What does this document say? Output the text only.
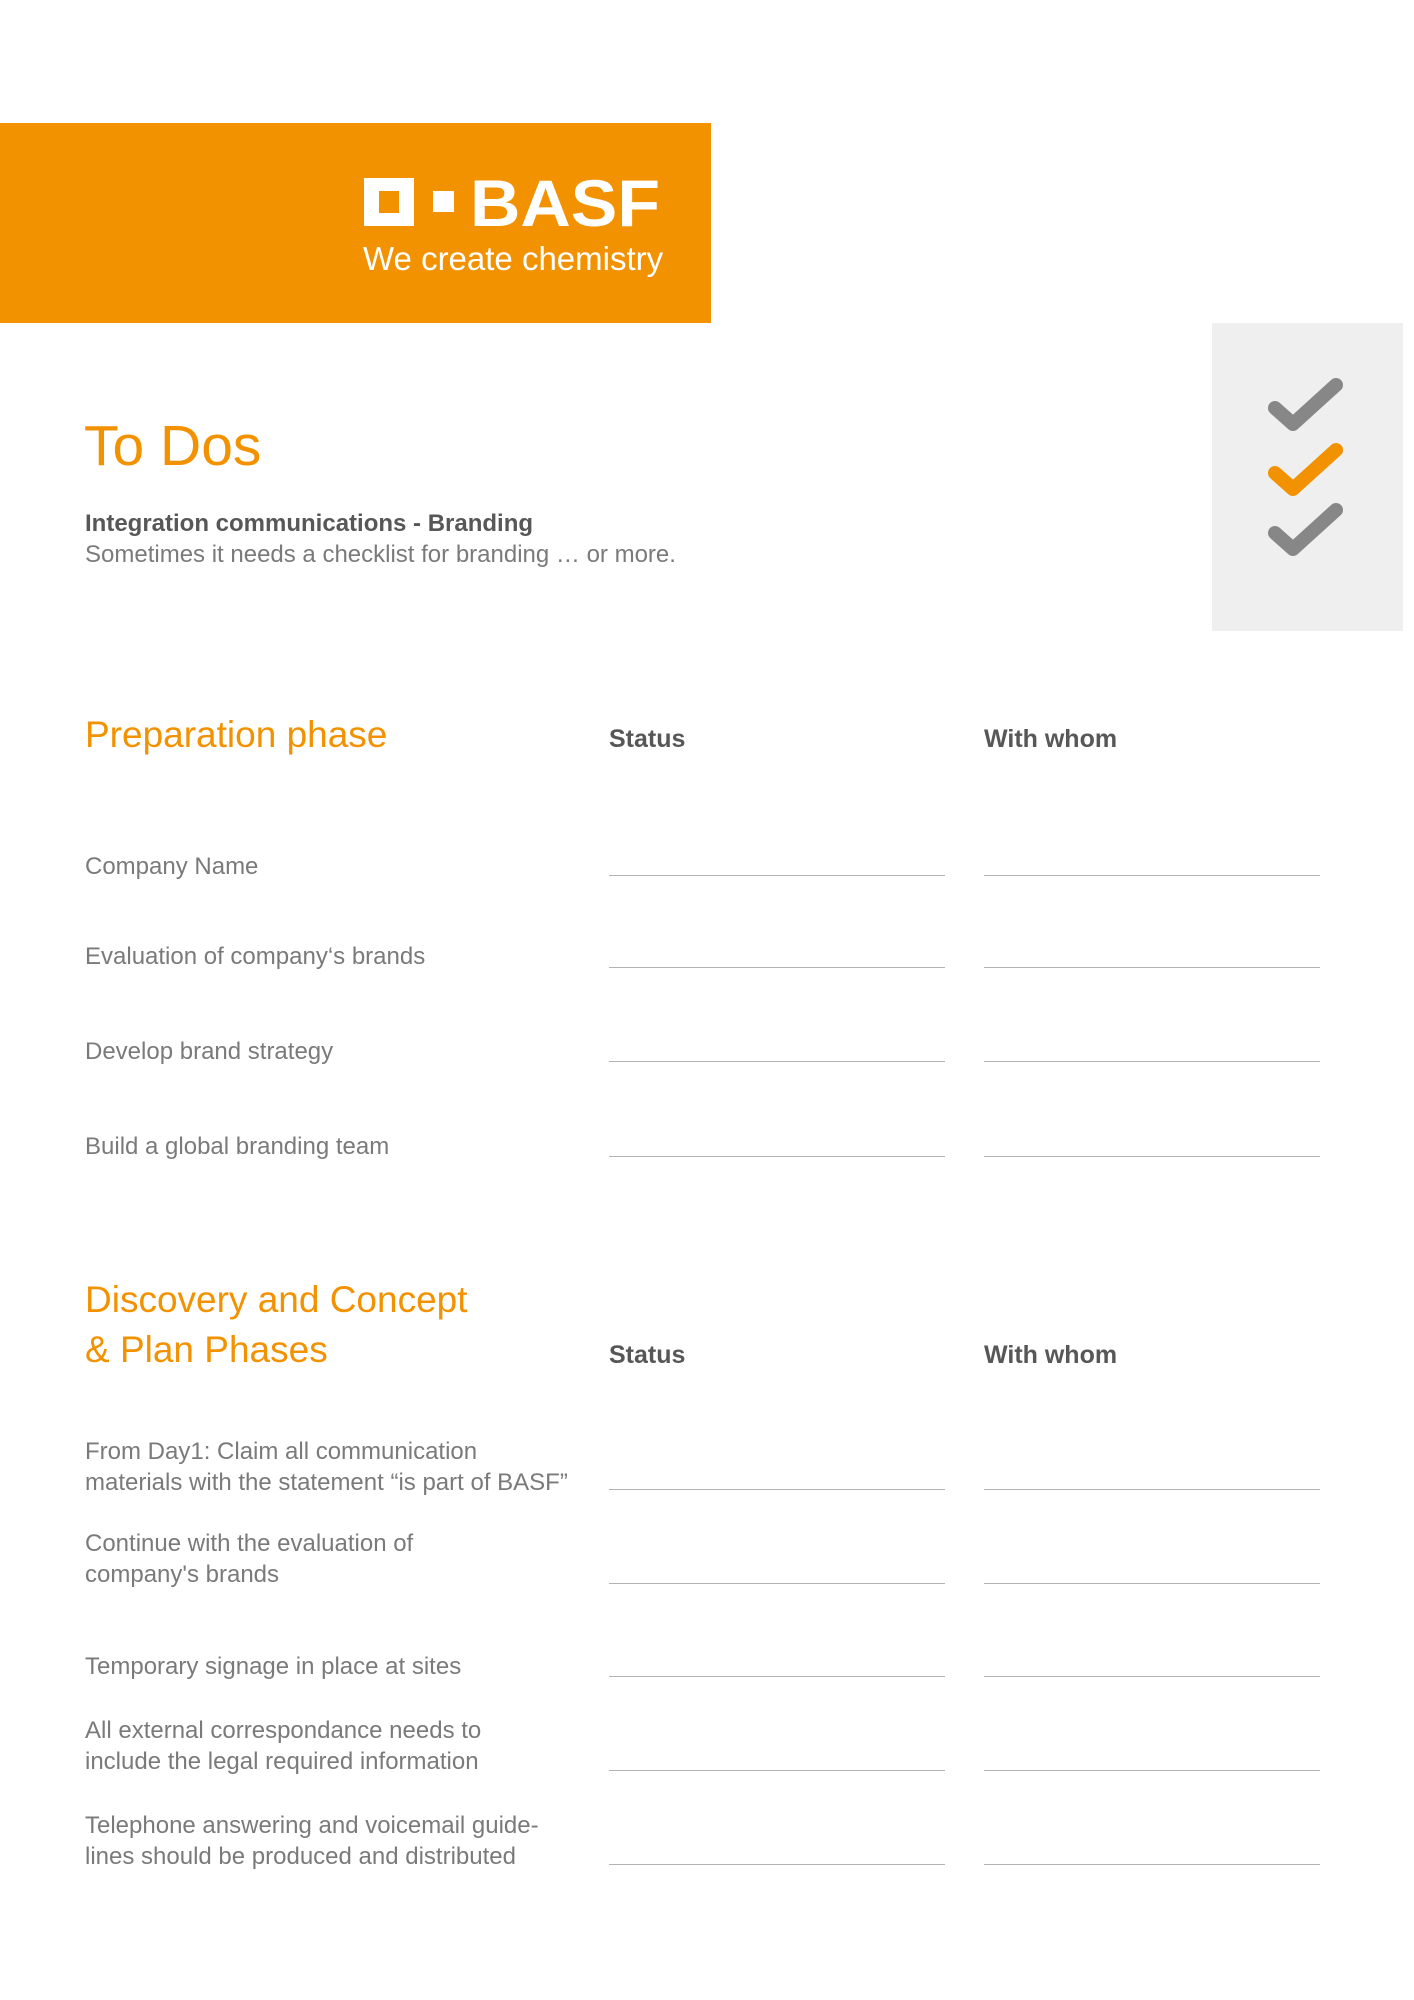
BASF
We create chemistry
To Dos
Integration communications - Branding
Sometimes it needs a checklist for branding … or more.
Preparation phase	Status	With whom
Company Name
Evaluation of company‘s brands
Develop brand strategy
Build a global branding team
Discovery and Concept
& Plan Phases	Status	With whom
From Day1: Claim all communication
materials with the statement “is part of BASF”
Continue with the evaluation of
company's brands
Temporary signage in place at sites
All external correspondance needs to
include the legal required information
Telephone answering and voicemail guide-
lines should be produced and distributed
